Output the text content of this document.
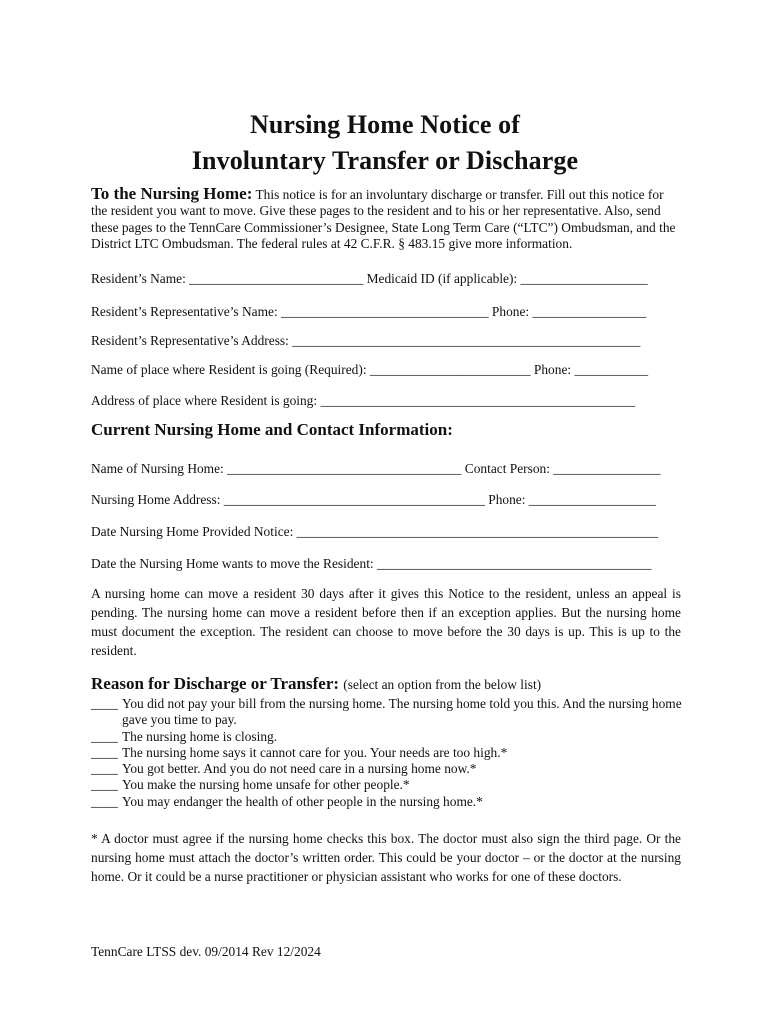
Nursing Home Notice of
Involuntary Transfer or Discharge
To the Nursing Home: This notice is for an involuntary discharge or transfer. Fill out this notice for the resident you want to move. Give these pages to the resident and to his or her representative. Also, send these pages to the TennCare Commissioner’s Designee, State Long Term Care (“LTC”) Ombudsman, and the District LTC Ombudsman. The federal rules at 42 C.F.R. § 483.15 give more information.
Resident’s Name: __________________________ Medicaid ID (if applicable): ___________________
Resident’s Representative’s Name: _______________________________ Phone: _________________
Resident’s Representative’s Address: ____________________________________________________
Name of place where Resident is going (Required): ________________________ Phone: ___________
Address of place where Resident is going: _______________________________________________
Current Nursing Home and Contact Information:
Name of Nursing Home: ___________________________________ Contact Person: ________________
Nursing Home Address: _______________________________________ Phone: ___________________
Date Nursing Home Provided Notice: ______________________________________________________
Date the Nursing Home wants to move the Resident: _________________________________________
A nursing home can move a resident 30 days after it gives this Notice to the resident, unless an appeal is pending. The nursing home can move a resident before then if an exception applies. But the nursing home must document the exception. The resident can choose to move before the 30 days is up. This is up to the resident.
Reason for Discharge or Transfer: (select an option from the below list)
____ You did not pay your bill from the nursing home. The nursing home told you this. And the nursing home gave you time to pay.
____ The nursing home is closing.
____ The nursing home says it cannot care for you. Your needs are too high.*
____ You got better. And you do not need care in a nursing home now.*
____ You make the nursing home unsafe for other people.*
____ You may endanger the health of other people in the nursing home.*
* A doctor must agree if the nursing home checks this box. The doctor must also sign the third page. Or the nursing home must attach the doctor’s written order. This could be your doctor – or the doctor at the nursing home. Or it could be a nurse practitioner or physician assistant who works for one of these doctors.
TennCare LTSS dev. 09/2014 Rev 12/2024
